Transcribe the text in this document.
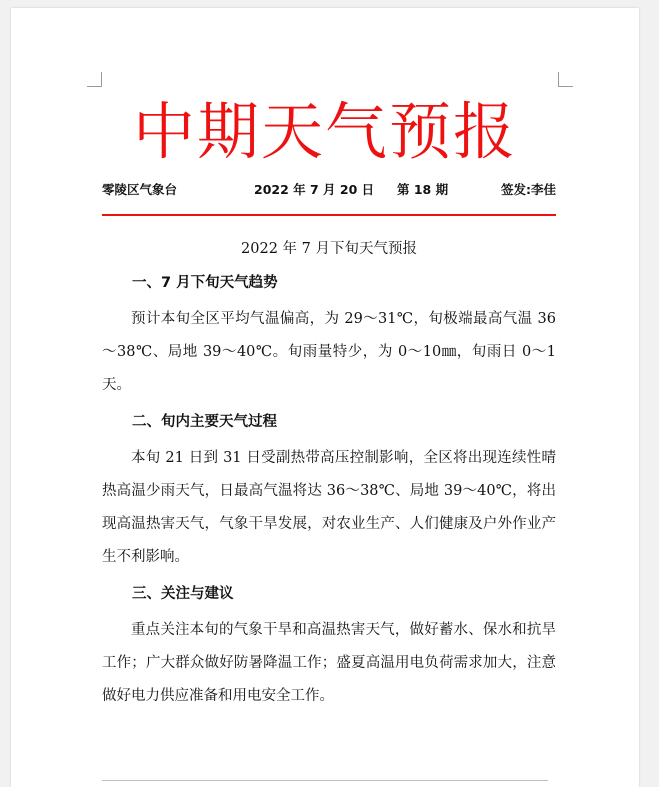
中期天气预报
零陵区气象台	2022 年 7 月 20 日 第 18 期	签发:李佳
2022 年 7 月下旬天气预报
一、7 月下旬天气趋势

预计本旬全区平均气温偏高，为 29～31℃，旬极端最高气温 36～38℃、局地 39～40℃。旬雨量特少，为 0～10㎜，旬雨日 0～1 天。

二、旬内主要天气过程

本旬 21 日到 31 日受副热带高压控制影响，全区将出现连续性晴热高温少雨天气，日最高气温将达 36～38℃、局地 39～40℃，将出现高温热害天气，气象干旱发展，对农业生产、人们健康及户外作业产生不利影响。

三、关注与建议

重点关注本旬的气象干旱和高温热害天气，做好蓄水、保水和抗旱工作；广大群众做好防暑降温工作；盛夏高温用电负荷需求加大，注意做好电力供应准备和用电安全工作。
